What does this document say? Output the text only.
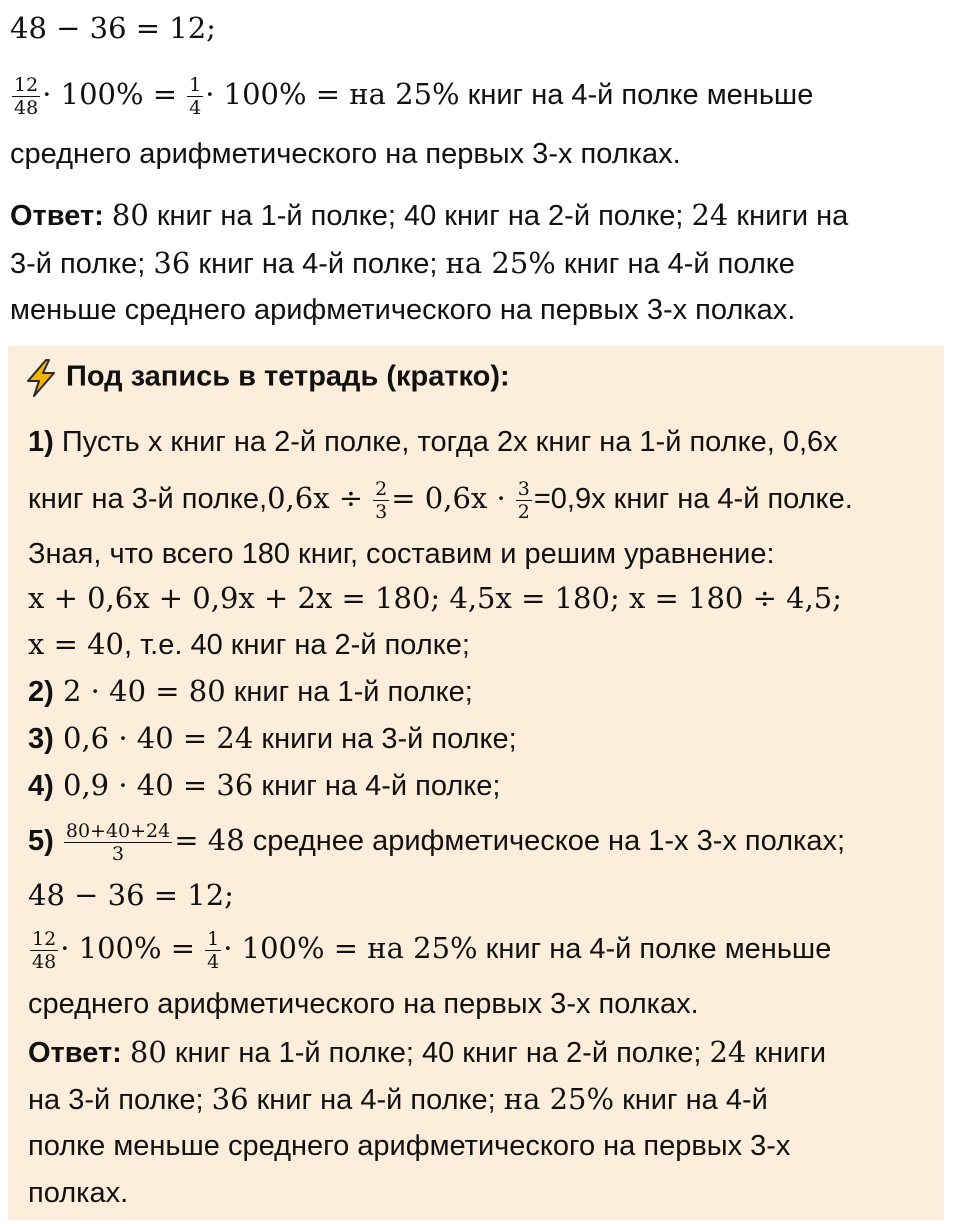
48 − 36 = 12;
$\frac{12}{48} \cdot 100\% = \frac{1}{4} \cdot 100\%$ = на 25% книг на 4-й полке меньше
среднего арифметического на первых 3-х полках.
Ответ: 80 книг на 1-й полке; 40 книг на 2-й полке; 24 книги на
3-й полке; 36 книг на 4-й полке; на 25% книг на 4-й полке
меньше среднего арифметического на первых 3-х полках.
Под запись в тетрадь (кратко):
1) Пусть x книг на 2-й полке, тогда 2x книг на 1-й полке, 0,6x
книг на 3-й полке,0,6x ÷ $\frac{2}{3} = 0,6x \cdot \frac{3}{2} =0,9x$ книг на 4-й полке.
Зная, что всего 180 книг, составим и решим уравнение:
x + 0,6x + 0,9x + 2x = 180; 4,5x = 180; x = 180 ÷ 4,5;
x = 40, т.е. 40 книг на 2-й полке;
2) 2 · 40 = 80 книг на 1-й полке;
3) 0,6 · 40 = 24 книги на 3-й полке;
4) 0,9 · 40 = 36 книг на 4-й полке;
$5) \frac{80+40+24}{3} = 48$ среднее арифметическое на 1-х 3-х полках;
48 − 36 = 12;
$\frac{12}{48} \cdot 100\% = \frac{1}{4} \cdot 100\%$ = на 25% книг на 4-й полке меньше
среднего арифметического на первых 3-х полках.
Ответ: 80 книг на 1-й полке; 40 книг на 2-й полке; 24 книги
на 3-й полке; 36 книг на 4-й полке; на 25% книг на 4-й
полке меньше среднего арифметического на первых 3-х
полках.
